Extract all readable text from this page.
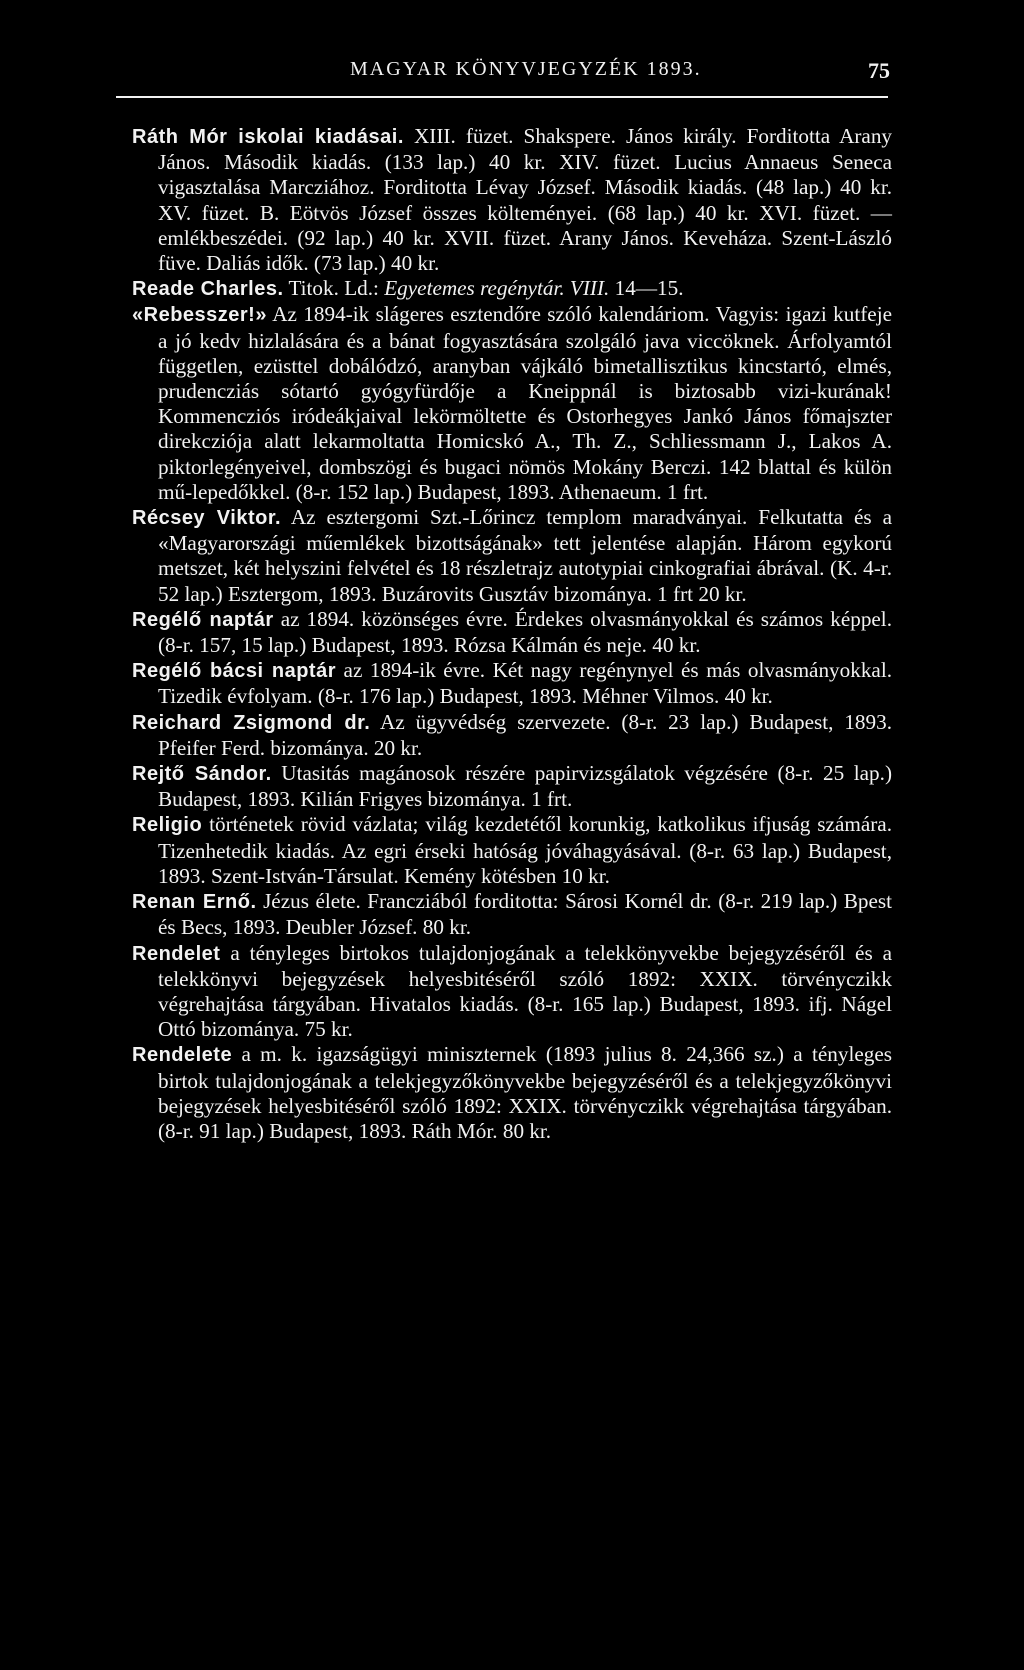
MAGYAR KÖNYVJEGYZÉK 1893.	75
Ráth Mór iskolai kiadásai. XIII. füzet. Shakspere. János király. Forditotta Arany János. Második kiadás. (133 lap.) 40 kr. XIV. füzet. Lucius Annaeus Seneca vigasztalása Marcziához. Forditotta Lévay József. Második kiadás. (48 lap.) 40 kr. XV. füzet. B. Eötvös József összes költeményei. (68 lap.) 40 kr. XVI. füzet. — emlékbeszédei. (92 lap.) 40 kr. XVII. füzet. Arany János. Keveháza. Szent-László füve. Daliás idők. (73 lap.) 40 kr.
Reade Charles. Titok. Ld.: Egyetemes regénytár. VIII. 14—15.
«Rebesszer!» Az 1894-ik slágeres esztendőre szóló kalendáriom. Vagyis: igazi kutfeje a jó kedv hizlalására és a bánat fogyasztására szolgáló java viccöknek. Árfolyamtól független, ezüsttel dobálódzó, aranyban vájkáló bimetallisztikus kincstartó, elmés, prudencziás sótartó gyógyfürdője a Kneippnál is biztosabb vizi-kurának! Kommencziós iródeákjaival lekörmöltette és Ostorhegyes Jankó János főmajszter direkcziója alatt lekarmoltatta Homicskó A., Th. Z., Schliessmann J., Lakos A. piktorlegényeivel, dombszögi és bugaci nömös Mokány Berczi. 142 blattal és külön mű-lepedőkkel. (8-r. 152 lap.) Budapest, 1893. Athenaeum. 1 frt.
Récsey Viktor. Az esztergomi Szt.-Lőrincz templom maradványai. Felkutatta és a «Magyarországi műemlékek bizottságának» tett jelentése alapján. Három egykorú metszet, két helyszini felvétel és 18 részletrajz autotypiai cinkografiai ábrával. (K. 4-r. 52 lap.) Esztergom, 1893. Buzárovits Gusztáv bizománya. 1 frt 20 kr.
Regélő naptár az 1894. közönséges évre. Érdekes olvasmányokkal és számos képpel. (8-r. 157, 15 lap.) Budapest, 1893. Rózsa Kálmán és neje. 40 kr.
Regélő bácsi naptár az 1894-ik évre. Két nagy regénynyel és más olvasmányokkal. Tizedik évfolyam. (8-r. 176 lap.) Budapest, 1893. Méhner Vilmos. 40 kr.
Reichard Zsigmond dr. Az ügyvédség szervezete. (8-r. 23 lap.) Budapest, 1893. Pfeifer Ferd. bizománya. 20 kr.
Rejtő Sándor. Utasitás magánosok részére papirvizsgálatok végzésére (8-r. 25 lap.) Budapest, 1893. Kilián Frigyes bizománya. 1 frt.
Religio történetek rövid vázlata; világ kezdetétől korunkig, katkolikus ifjuság számára. Tizenhetedik kiadás. Az egri érseki hatóság jóváhagyásával. (8-r. 63 lap.) Budapest, 1893. Szent-István-Társulat. Kemény kötésben 10 kr.
Renan Ernő. Jézus élete. Francziából forditotta: Sárosi Kornél dr. (8-r. 219 lap.) Bpest és Becs, 1893. Deubler József. 80 kr.
Rendelet a tényleges birtokos tulajdonjogának a telekkönyvekbe bejegyzéséről és a telekkönyvi bejegyzések helyesbitéséről szóló 1892: XXIX. törvényczikk végrehajtása tárgyában. Hivatalos kiadás. (8-r. 165 lap.) Budapest, 1893. ifj. Nágel Ottó bizománya. 75 kr.
Rendelete a m. k. igazságügyi miniszternek (1893 julius 8. 24,366 sz.) a tényleges birtok tulajdonjogának a telekjegyzőkönyvekbe bejegyzéséről és a telekjegyzőkönyvi bejegyzések helyesbitéséről szóló 1892: XXIX. törvényczikk végrehajtása tárgyában. (8-r. 91 lap.) Budapest, 1893. Ráth Mór. 80 kr.
